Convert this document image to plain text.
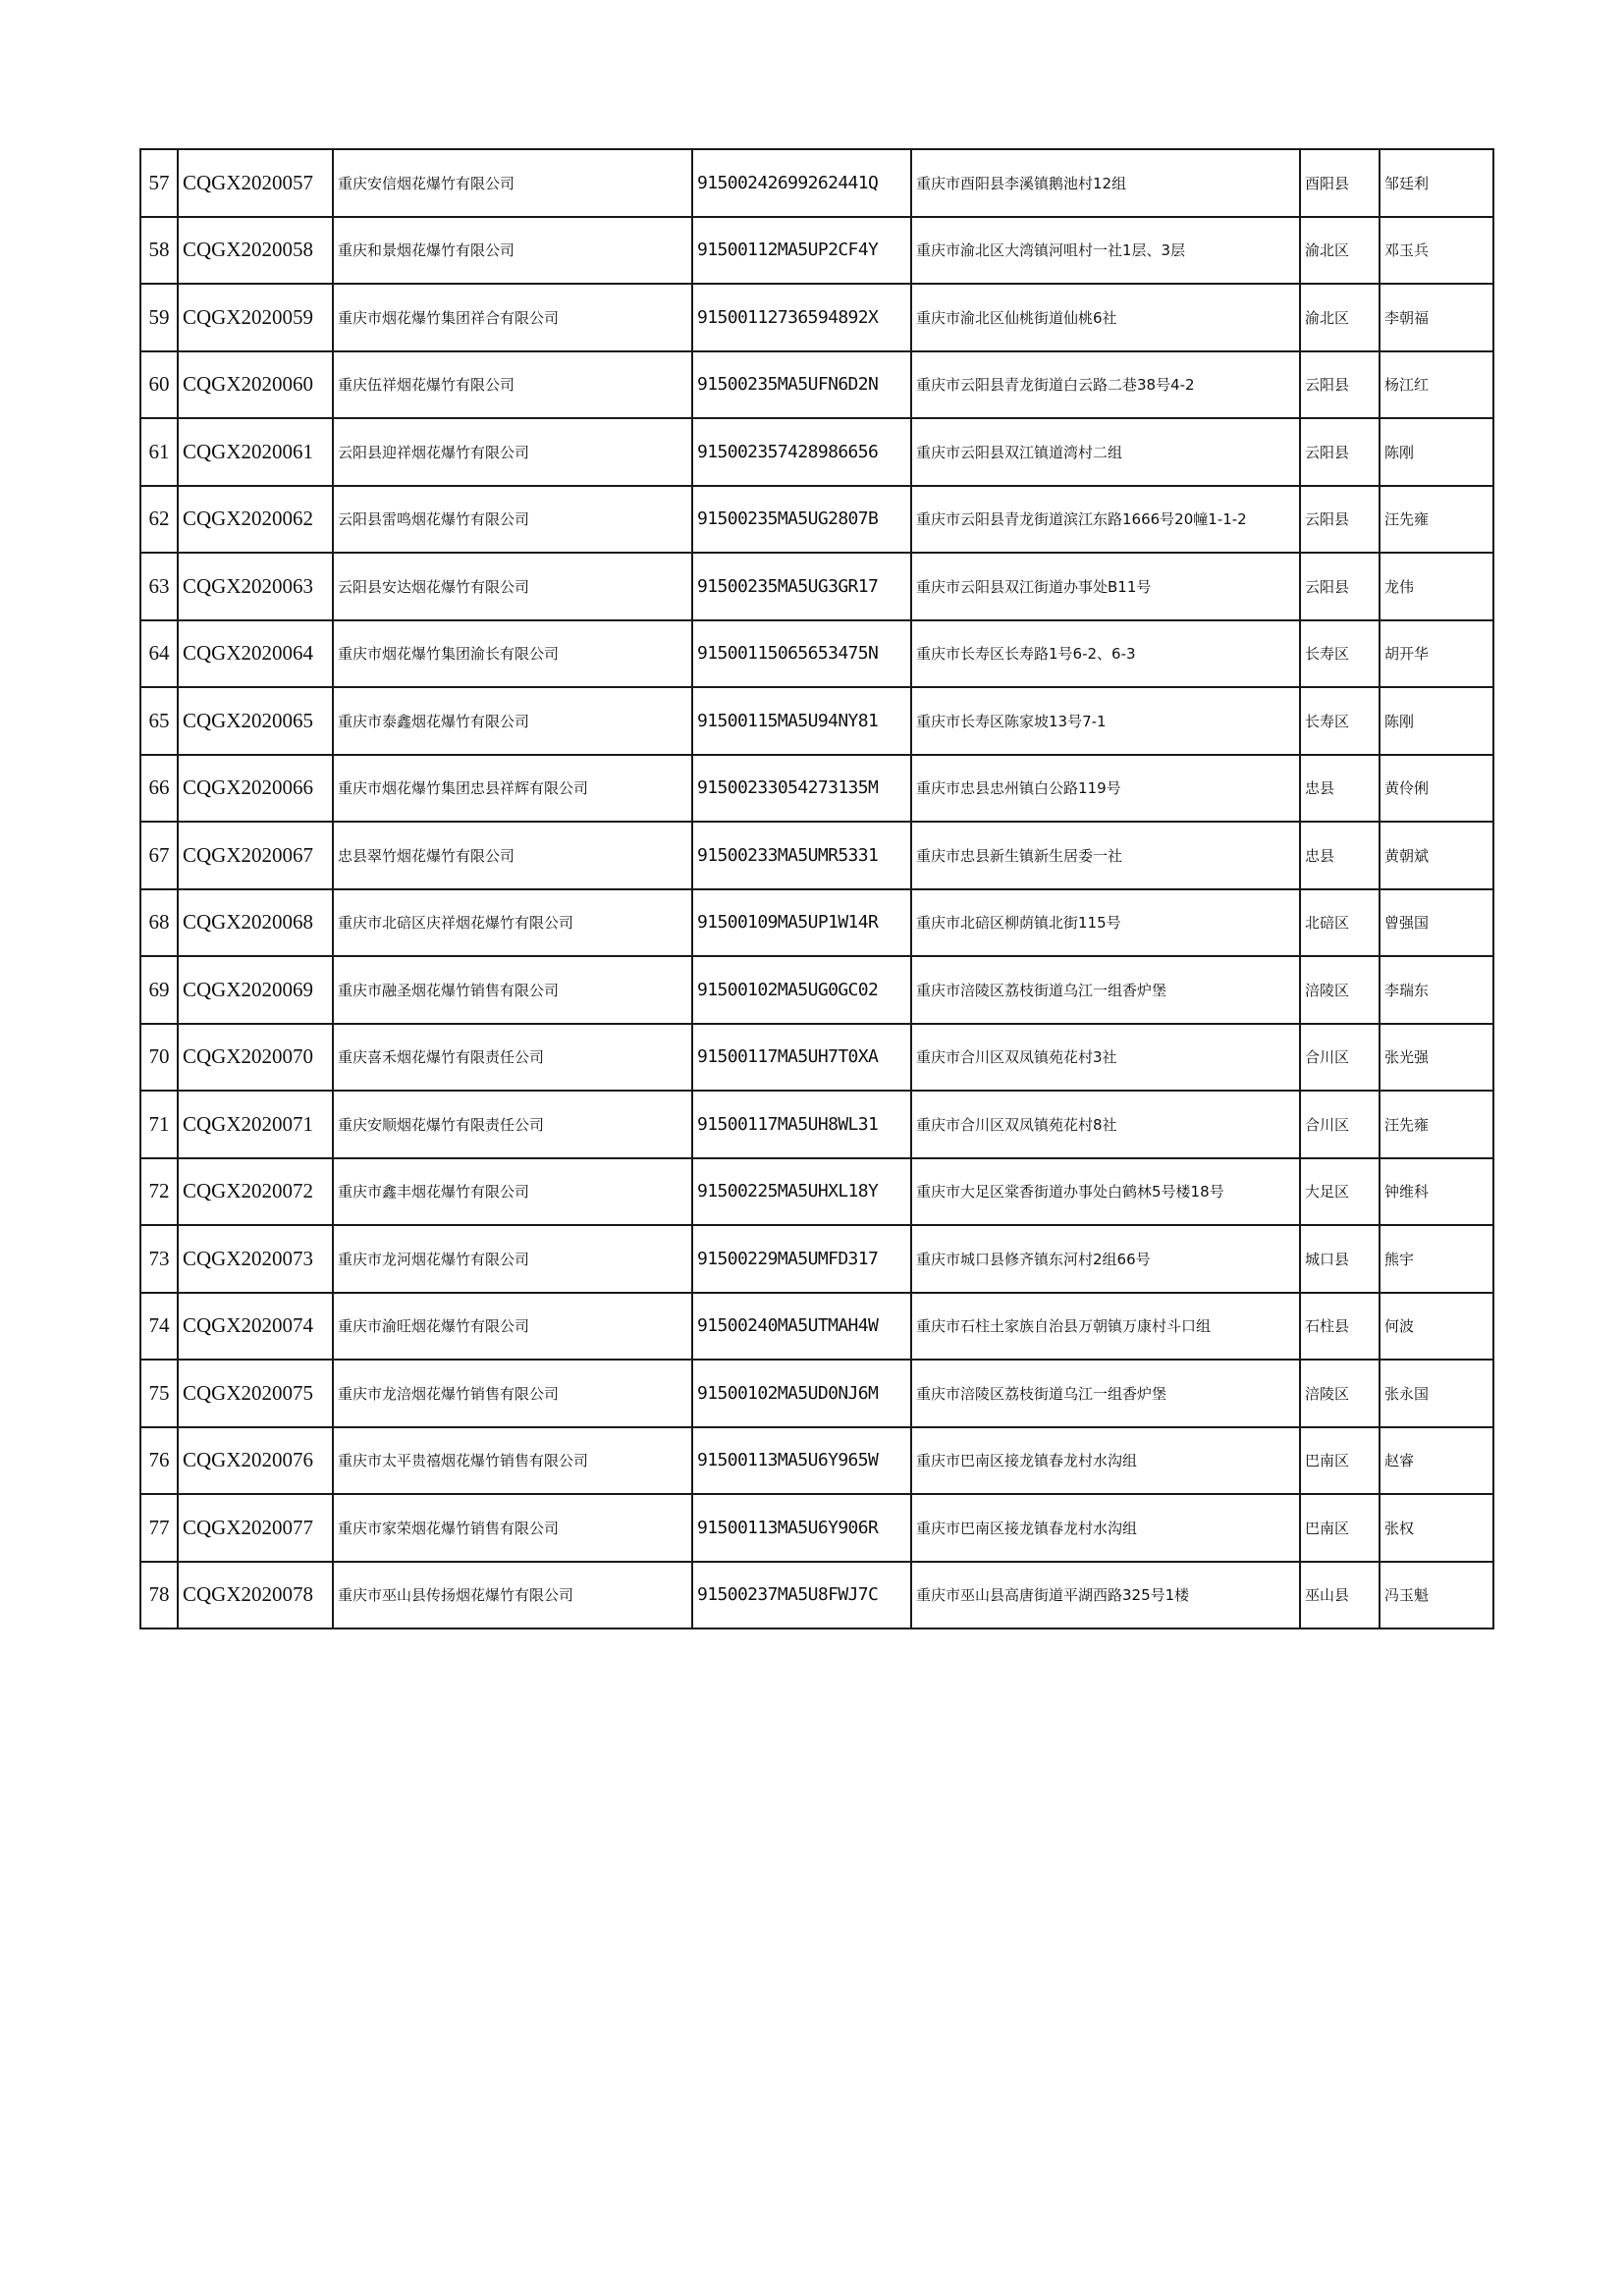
57	CQGX2020057	重庆安信烟花爆竹有限公司	915002426992624​41Q	重庆市酉阳县李溪镇鹅池村12组	酉阳县	邹廷利
58	CQGX2020058	重庆和景烟花爆竹有限公司	91500112MA5UP2CF4Y	重庆市渝北区大湾镇河咀村一社1层、3层	渝北区	邓玉兵
59	CQGX2020059	重庆市烟花爆竹集团祥合有限公司	91500112736594892X	重庆市渝北区仙桃街道仙桃6社	渝北区	李朝福
60	CQGX2020060	重庆伍祥烟花爆竹有限公司	91500235MA5UFN6D2N	重庆市云阳县青龙街道白云路二巷38号4-2	云阳县	杨江红
61	CQGX2020061	云阳县迎祥烟花爆竹有限公司	915002357428986656	重庆市云阳县双江镇道湾村二组	云阳县	陈刚
62	CQGX2020062	云阳县雷鸣烟花爆竹有限公司	91500235MA5UG2807B	重庆市云阳县青龙街道滨江东路1666号20幢1-1-2	云阳县	汪先雍
63	CQGX2020063	云阳县安达烟花爆竹有限公司	91500235MA5UG3GR17	重庆市云阳县双江街道办事处B11号	云阳县	龙伟
64	CQGX2020064	重庆市烟花爆竹集团渝长有限公司	91500115065653475N	重庆市长寿区长寿路1号6-2、6-3	长寿区	胡开华
65	CQGX2020065	重庆市泰鑫烟花爆竹有限公司	91500115MA5U94NY81	重庆市长寿区陈家坡13号7-1	长寿区	陈刚
66	CQGX2020066	重庆市烟花爆竹集团忠县祥辉有限公司	91500233054273135M	重庆市忠县忠州镇白公路119号	忠县	黄伶俐
67	CQGX2020067	忠县翠竹烟花爆竹有限公司	91500233MA5UMR5331	重庆市忠县新生镇新生居委一社	忠县	黄朝斌
68	CQGX2020068	重庆市北碚区庆祥烟花爆竹有限公司	91500109MA5UP1W14R	重庆市北碚区柳荫镇北街115号	北碚区	曾强国
69	CQGX2020069	重庆市融圣烟花爆竹销售有限公司	91500102MA5UG0GC02	重庆市涪陵区荔枝街道乌江一组香炉堡	涪陵区	李瑞东
70	CQGX2020070	重庆喜禾烟花爆竹有限责任公司	91500117MA5UH7T0XA	重庆市合川区双凤镇苑花村3社	合川区	张光强
71	CQGX2020071	重庆安顺烟花爆竹有限责任公司	91500117MA5UH8WL31	重庆市合川区双凤镇苑花村8社	合川区	汪先雍
72	CQGX2020072	重庆市鑫丰烟花爆竹有限公司	91500225MA5UHXL18Y	重庆市大足区棠香街道办事处白鹤林5号楼18号	大足区	钟维科
73	CQGX2020073	重庆市龙河烟花爆竹有限公司	91500229MA5UMFD317	重庆市城口县修齐镇东河村2组66号	城口县	熊宇
74	CQGX2020074	重庆市渝旺烟花爆竹有限公司	91500240MA5UTMAH4W	重庆市石柱土家族自治县万朝镇万康村斗口组	石柱县	何波
75	CQGX2020075	重庆市龙涪烟花爆竹销售有限公司	91500102MA5UD0NJ6M	重庆市涪陵区荔枝街道乌江一组香炉堡	涪陵区	张永国
76	CQGX2020076	重庆市太平贵禧烟花爆竹销售有限公司	91500113MA5U6Y965W	重庆市巴南区接龙镇春龙村水沟组	巴南区	赵睿
77	CQGX2020077	重庆市家荣烟花爆竹销售有限公司	91500113MA5U6Y906R	重庆市巴南区接龙镇春龙村水沟组	巴南区	张权
78	CQGX2020078	重庆市巫山县传扬烟花爆竹有限公司	91500237MA5U8FWJ7C	重庆市巫山县高唐街道平湖西路325号1楼	巫山县	冯玉魁
